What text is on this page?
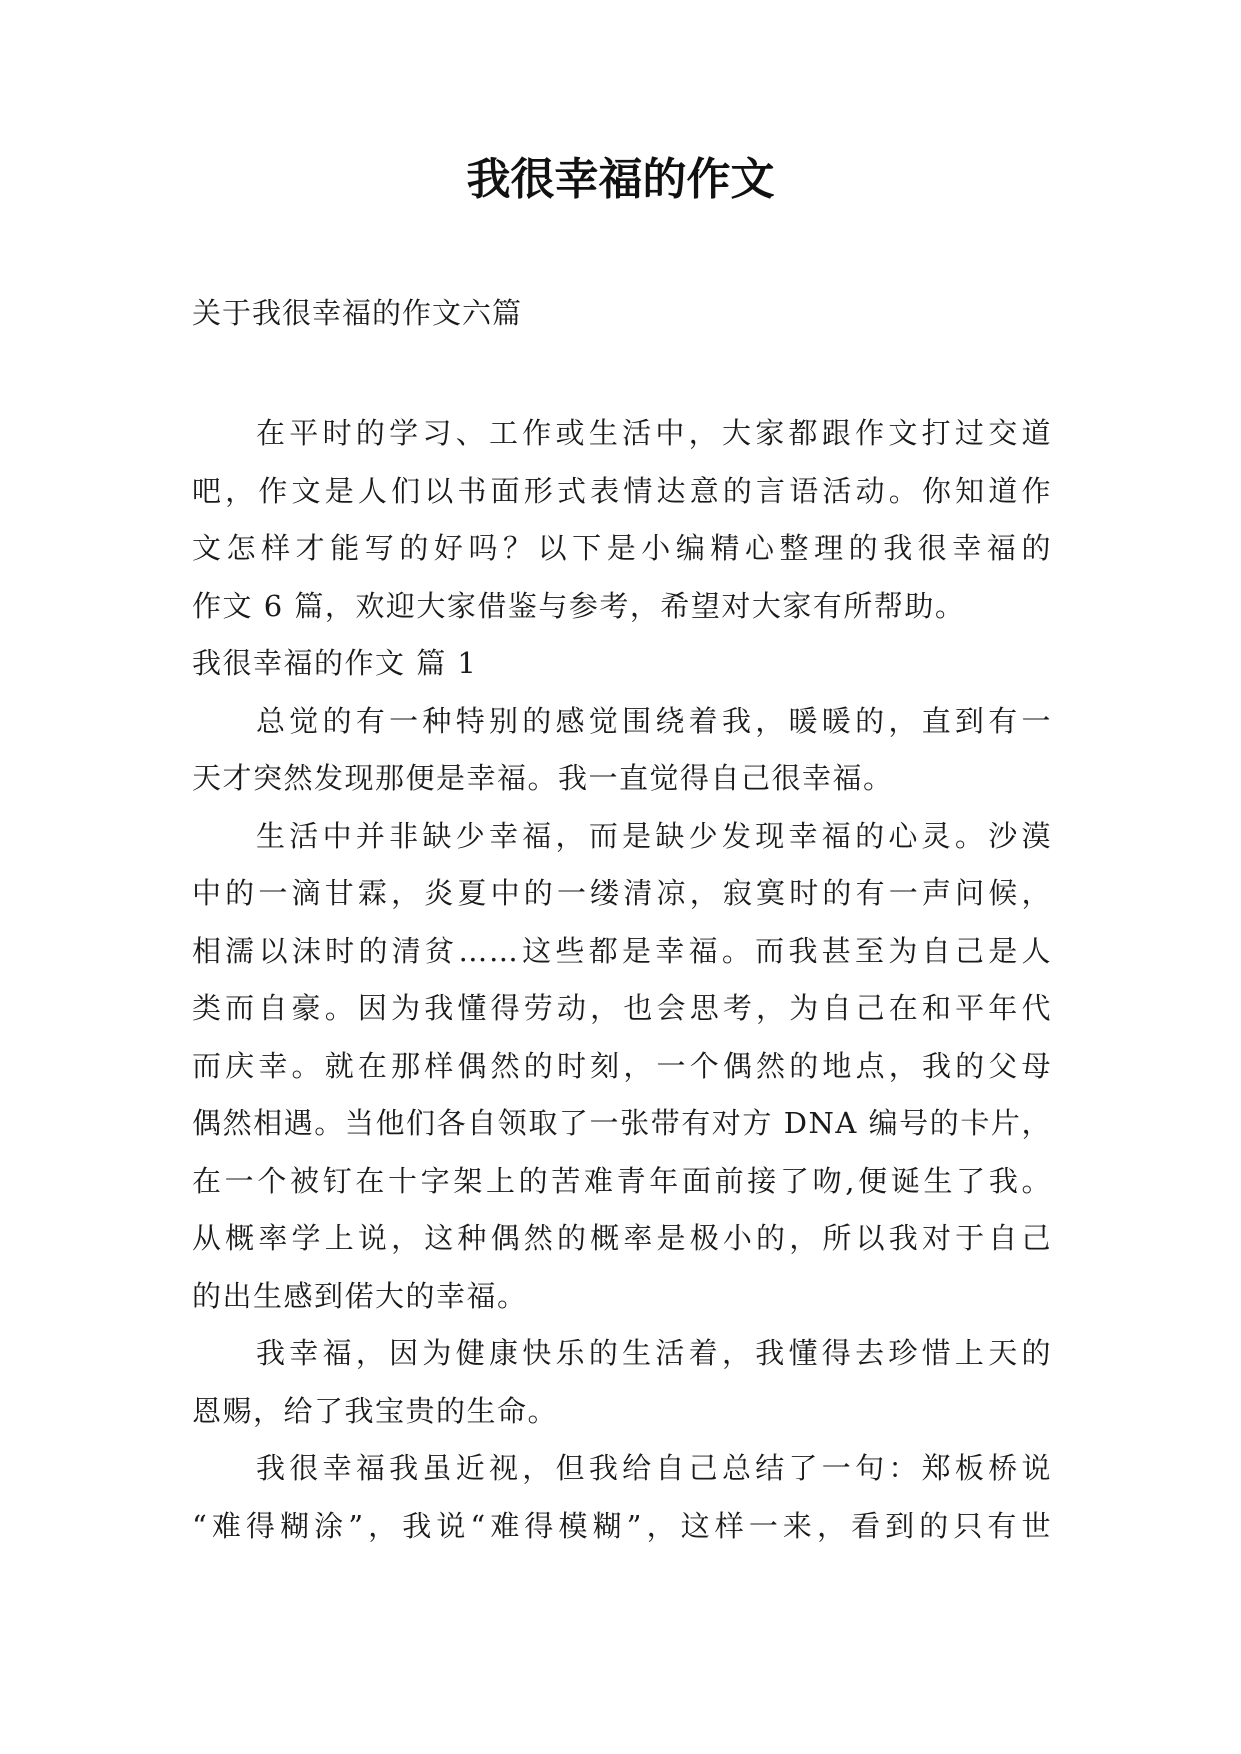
我很幸福的作文

关于我很幸福的作文六篇

在平时的学习、工作或生活中，大家都跟作文打过交道

吧，作文是人们以书面形式表情达意的言语活动。你知道作

文怎样才能写的好吗？以下是小编精心整理的我很幸福的

作文 6 篇，欢迎大家借鉴与参考，希望对大家有所帮助。

我很幸福的作文 篇 1

总觉的有一种特别的感觉围绕着我，暖暖的，直到有一

天才突然发现那便是幸福。我一直觉得自己很幸福。

生活中并非缺少幸福，而是缺少发现幸福的心灵。沙漠

中的一滴甘霖，炎夏中的一缕清凉，寂寞时的有一声问候，

相濡以沫时的清贫……这些都是幸福。而我甚至为自己是人

类而自豪。因为我懂得劳动，也会思考，为自己在和平年代

而庆幸。就在那样偶然的时刻，一个偶然的地点，我的父母

偶然相遇。当他们各自领取了一张带有对方 DNA 编号的卡片，

在一个被钉在十字架上的苦难青年面前接了吻,便诞生了我。

从概率学上说，这种偶然的概率是极小的，所以我对于自己

的出生感到偌大的幸福。

我幸福，因为健康快乐的生活着，我懂得去珍惜上天的

恩赐，给了我宝贵的生命。

我很幸福我虽近视，但我给自己总结了一句：郑板桥说

“难得糊涂”，我说“难得模糊”，这样一来，看到的只有世
